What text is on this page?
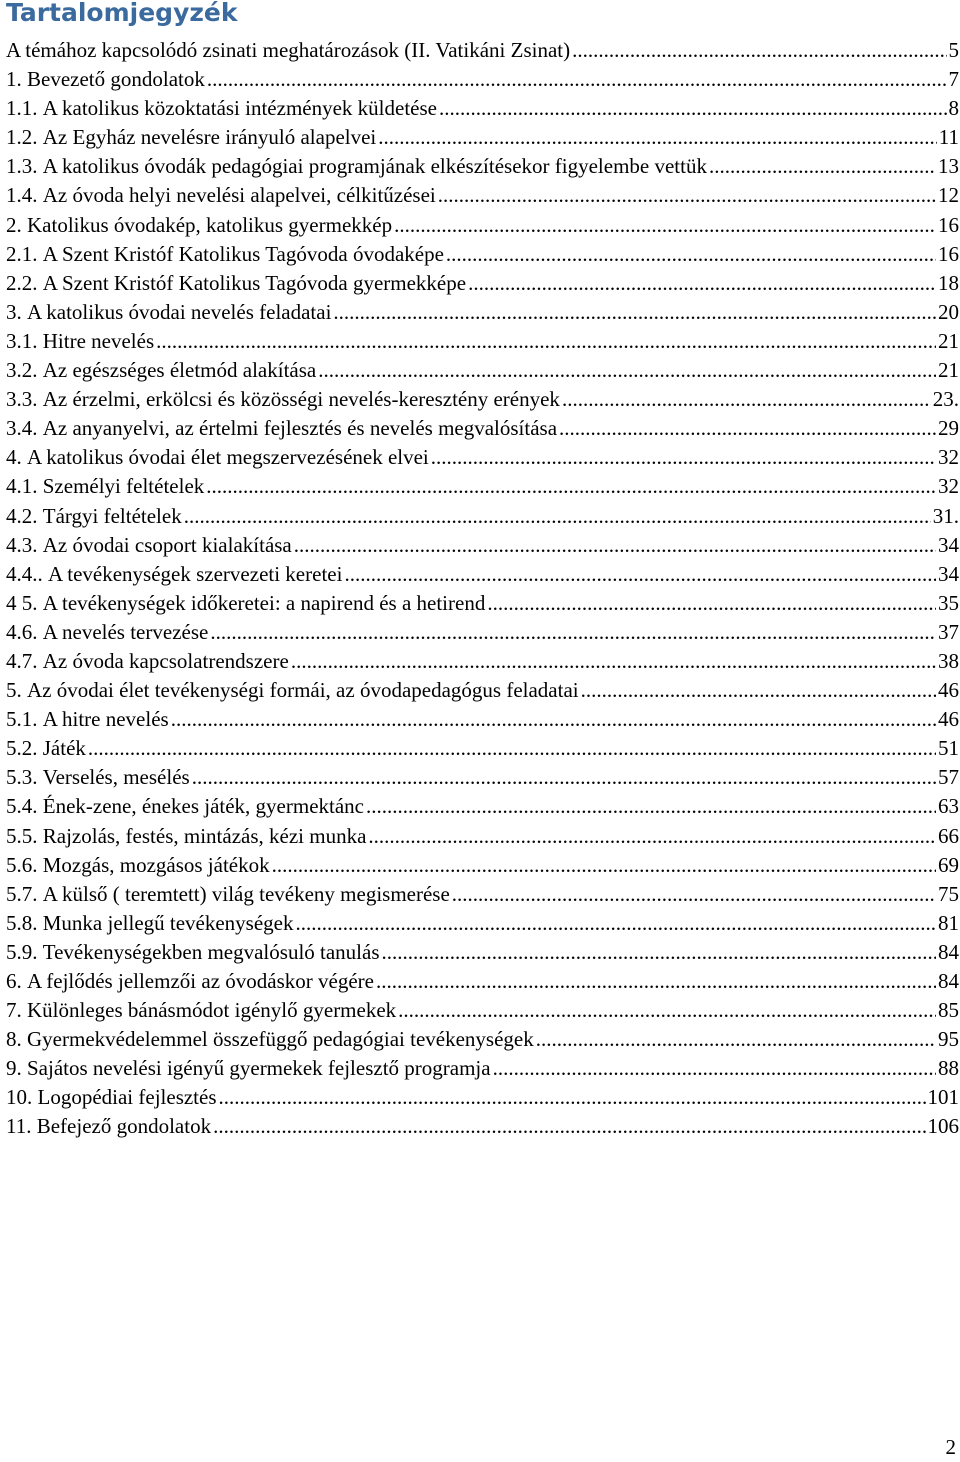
Tartalomjegyzék
A témához kapcsolódó zsinati meghatározások (II. Vatikáni Zsinat) .....	5
1. Bevezető gondolatok .....	7
1.1. A katolikus közoktatási intézmények küldetése .....	8
1.2. Az Egyház nevelésre irányuló alapelvei .....	11
1.3. A katolikus óvodák pedagógiai programjának elkészítésekor figyelembe vettük .....	13
1.4. Az óvoda helyi nevelési alapelvei, célkitűzései .....	12
2. Katolikus óvodakép, katolikus gyermekkép .....	16
2.1. A Szent Kristóf Katolikus Tagóvoda óvodaképe .....	16
2.2. A Szent Kristóf Katolikus Tagóvoda gyermekképe .....	18
3. A katolikus óvodai nevelés feladatai .....	20
3.1. Hitre nevelés .....	21
3.2. Az egészséges életmód alakítása .....	21
3.3. Az érzelmi, erkölcsi és közösségi nevelés-keresztény erények .....	23.
3.4. Az anyanyelvi, az értelmi fejlesztés és nevelés megvalósítása .....	29
4. A katolikus óvodai élet megszervezésének elvei .....	32
4.1. Személyi feltételek .....	32
4.2. Tárgyi feltételek .....	31.
4.3. Az óvodai csoport kialakítása .....	34
4.4.. A tevékenységek szervezeti keretei .....	34
4 5. A tevékenységek időkeretei: a napirend és a hetirend .....	35
4.6. A nevelés tervezése .....	37
4.7. Az óvoda kapcsolatrendszere .....	38
5. Az óvodai élet tevékenységi formái, az óvodapedagógus feladatai .....	46
5.1. A hitre nevelés .....	46
5.2. Játék .....	51
5.3. Verselés, mesélés .....	57
5.4. Ének-zene, énekes játék, gyermektánc .....	63
5.5. Rajzolás, festés, mintázás, kézi munka .....	66
5.6. Mozgás, mozgásos játékok .....	69
5.7. A külső ( teremtett) világ tevékeny megismerése .....	75
5.8. Munka jellegű tevékenységek .....	81
5.9. Tevékenységekben megvalósuló tanulás .....	84
6. A fejlődés jellemzői az óvodáskor végére .....	84
7. Különleges bánásmódot igénylő gyermekek .....	85
8. Gyermekvédelemmel összefüggő pedagógiai tevékenységek .....	95
9. Sajátos nevelési igényű gyermekek fejlesztő programja .....	88
10. Logopédiai fejlesztés .....	101
11. Befejező gondolatok .....	106
2
